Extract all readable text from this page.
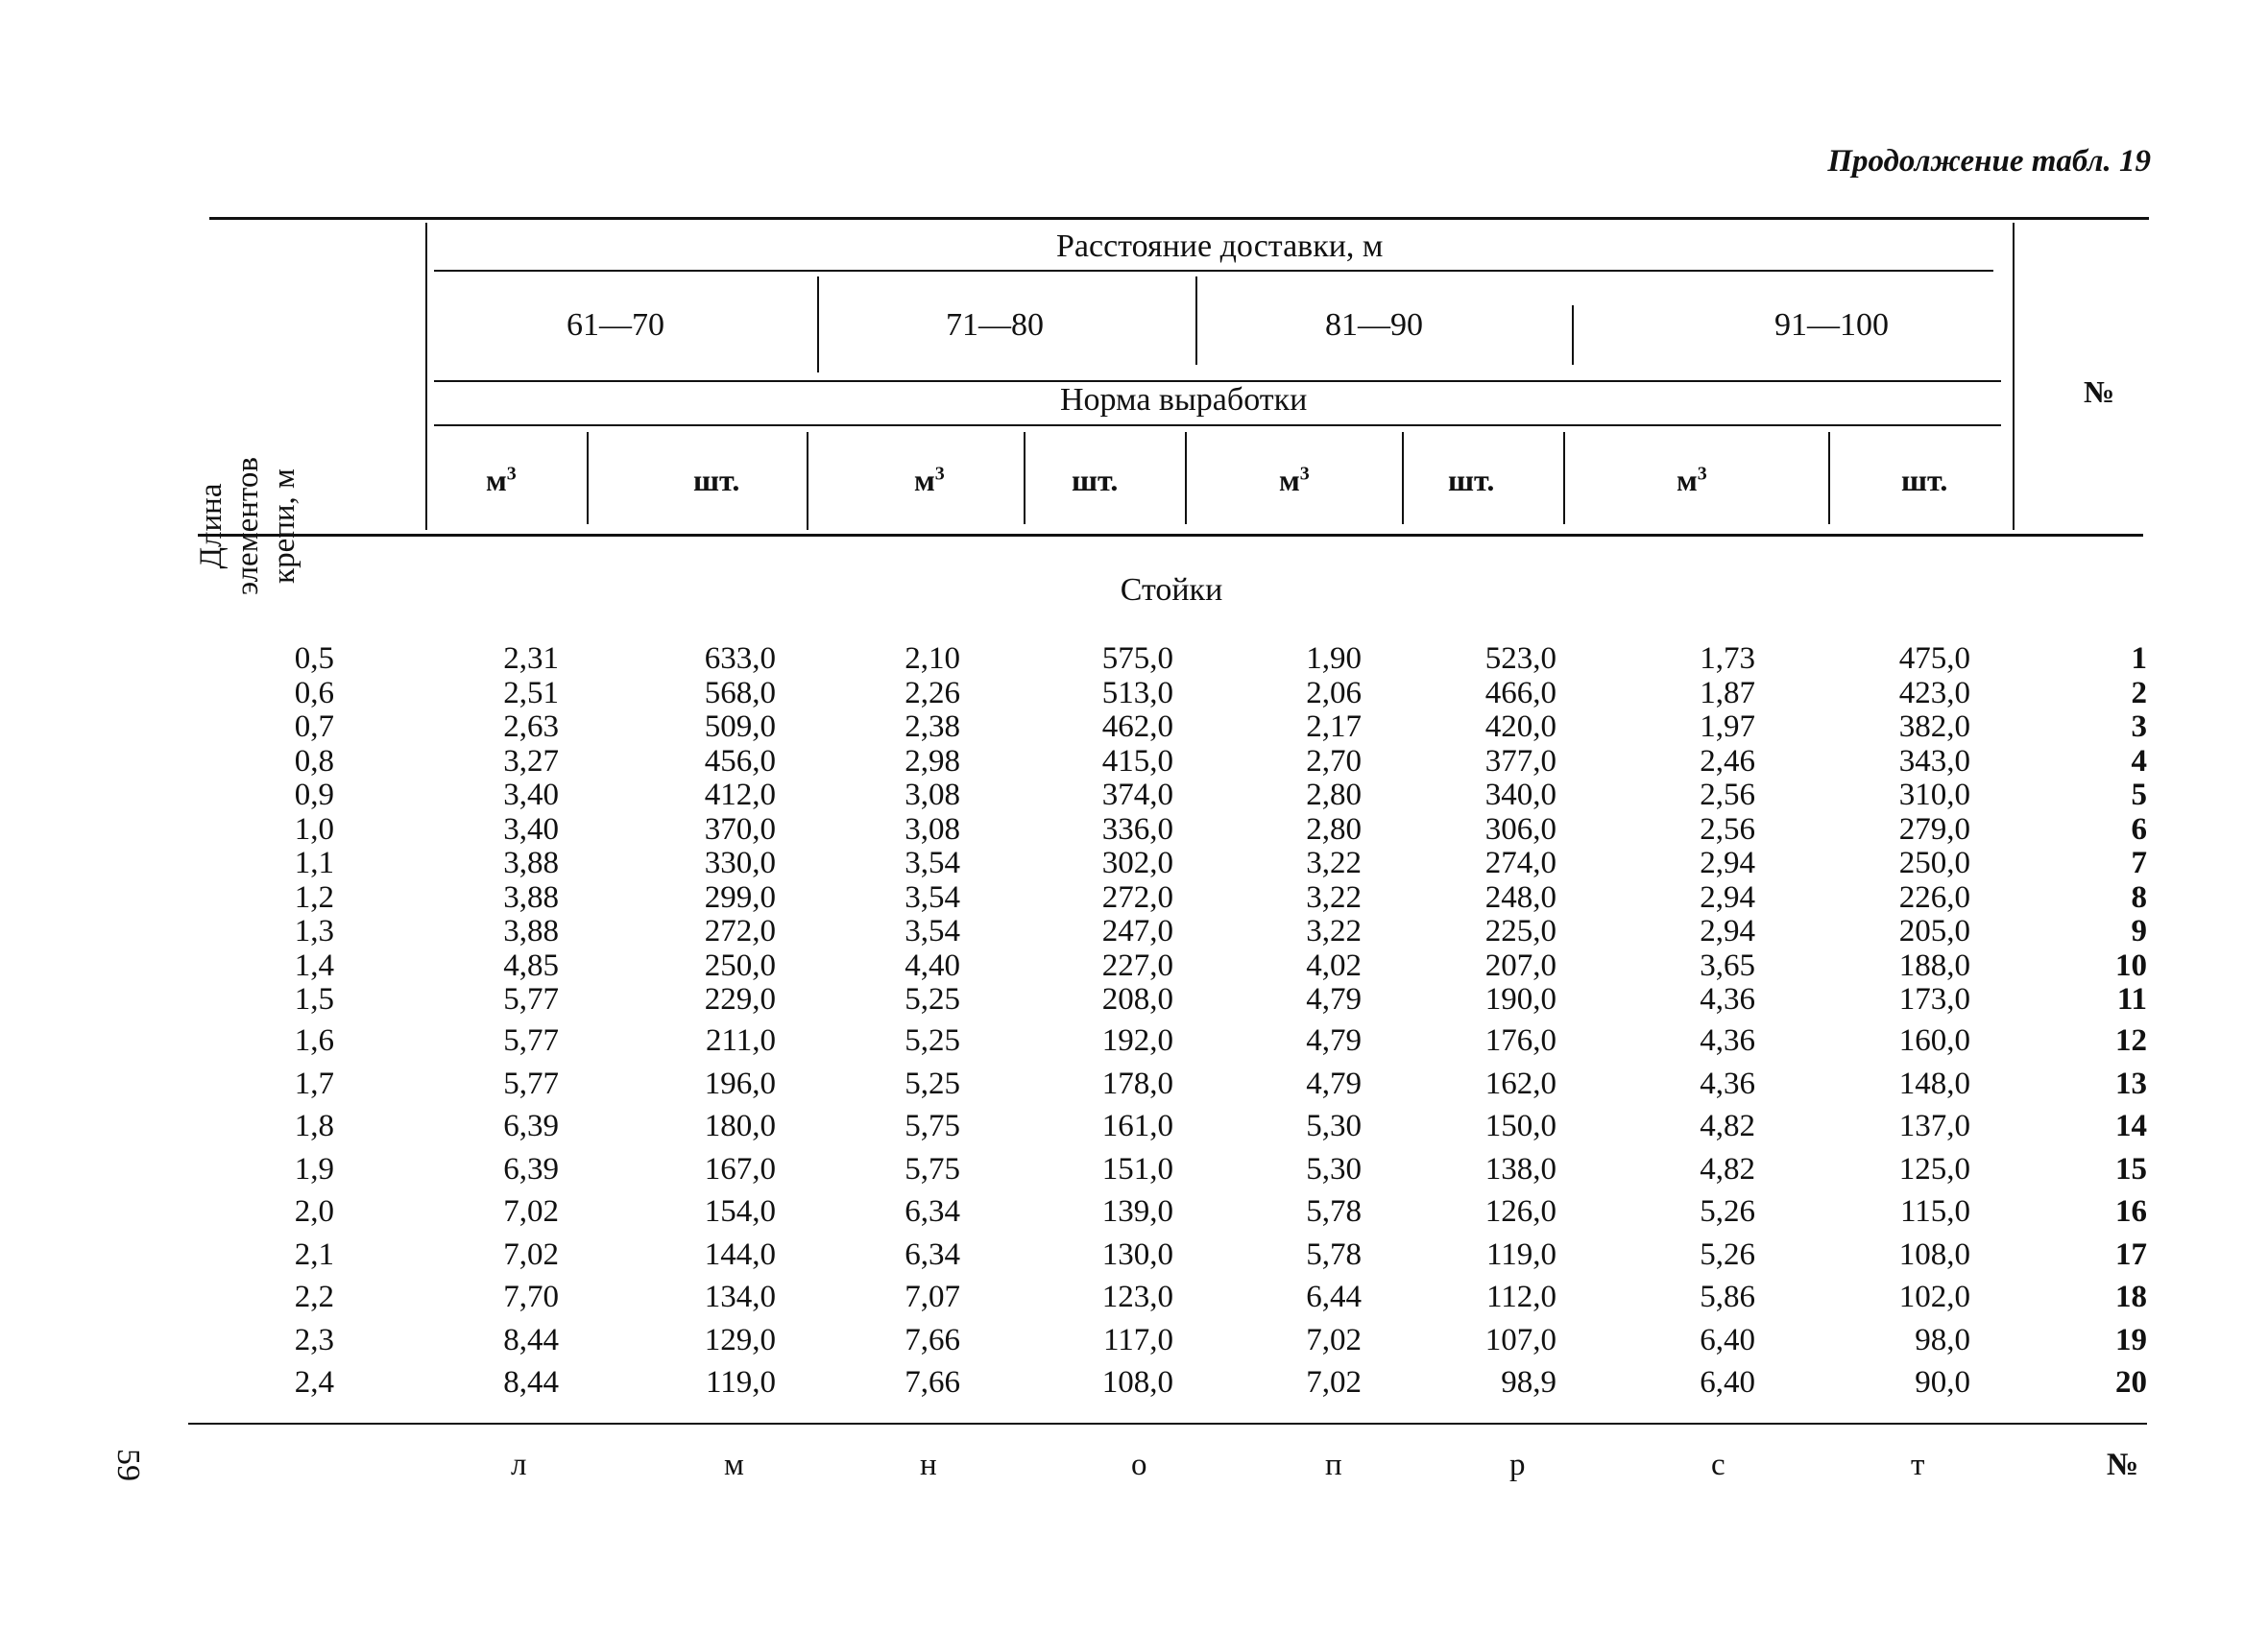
Продолжение табл. 19
Длина элементов крепи, м
Расстояние доставки, м
61—70	71—80	81—90	91—100
Норма выработки
$м^3$	шт.	$м^3$	шт.	$м^3$	шт.	$м^3$	шт.
№
Стойки
0,5	2,31	633,0	2,10	575,0	1,90	523,0	1,73	475,0	1
0,6	2,51	568,0	2,26	513,0	2,06	466,0	1,87	423,0	2
0,7	2,63	509,0	2,38	462,0	2,17	420,0	1,97	382,0	3
0,8	3,27	456,0	2,98	415,0	2,70	377,0	2,46	343,0	4
0,9	3,40	412,0	3,08	374,0	2,80	340,0	2,56	310,0	5
1,0	3,40	370,0	3,08	336,0	2,80	306,0	2,56	279,0	6
1,1	3,88	330,0	3,54	302,0	3,22	274,0	2,94	250,0	7
1,2	3,88	299,0	3,54	272,0	3,22	248,0	2,94	226,0	8
1,3	3,88	272,0	3,54	247,0	3,22	225,0	2,94	205,0	9
1,4	4,85	250,0	4,40	227,0	4,02	207,0	3,65	188,0	10
1,5	5,77	229,0	5,25	208,0	4,79	190,0	4,36	173,0	11
1,6	5,77	211,0	5,25	192,0	4,79	176,0	4,36	160,0	12
1,7	5,77	196,0	5,25	178,0	4,79	162,0	4,36	148,0	13
1,8	6,39	180,0	5,75	161,0	5,30	150,0	4,82	137,0	14
1,9	6,39	167,0	5,75	151,0	5,30	138,0	4,82	125,0	15
2,0	7,02	154,0	6,34	139,0	5,78	126,0	5,26	115,0	16
2,1	7,02	144,0	6,34	130,0	5,78	119,0	5,26	108,0	17
2,2	7,70	134,0	7,07	123,0	6,44	112,0	5,86	102,0	18
2,3	8,44	129,0	7,66	117,0	7,02	107,0	6,40	98,0	19
2,4	8,44	119,0	7,66	108,0	7,02	98,9	6,40	90,0	20
л	м	н	о	п	р	с	т	№
59
